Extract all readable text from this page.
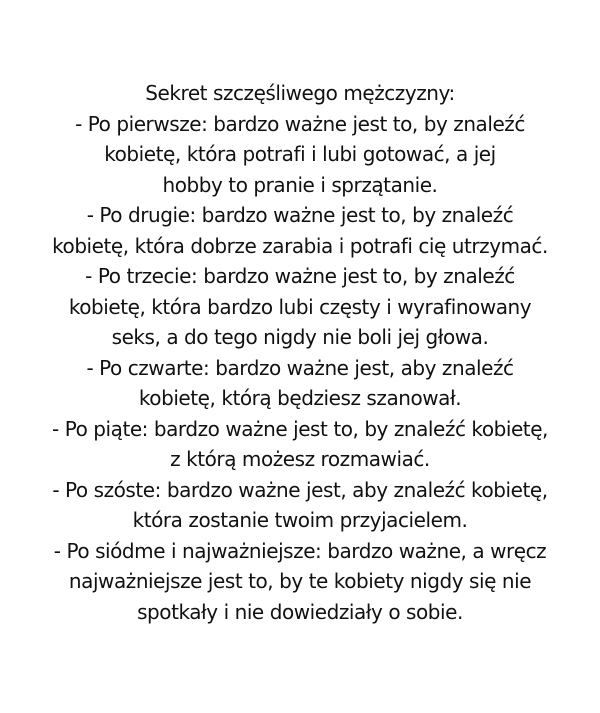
Sekret szczęśliwego mężczyzny:
- Po pierwsze: bardzo ważne jest to, by znaleźć
kobietę, która potrafi i lubi gotować, a jej
hobby to pranie i sprzątanie.
- Po drugie: bardzo ważne jest to, by znaleźć
kobietę, która dobrze zarabia i potrafi cię utrzymać.
- Po trzecie: bardzo ważne jest to, by znaleźć
kobietę, która bardzo lubi częsty i wyrafinowany
seks, a do tego nigdy nie boli jej głowa.
- Po czwarte: bardzo ważne jest, aby znaleźć
kobietę, którą będziesz szanował.
- Po piąte: bardzo ważne jest to, by znaleźć kobietę,
z którą możesz rozmawiać.
- Po szóste: bardzo ważne jest, aby znaleźć kobietę,
która zostanie twoim przyjacielem.
- Po siódme i najważniejsze: bardzo ważne, a wręcz
najważniejsze jest to, by te kobiety nigdy się nie
spotkały i nie dowiedziały o sobie.
